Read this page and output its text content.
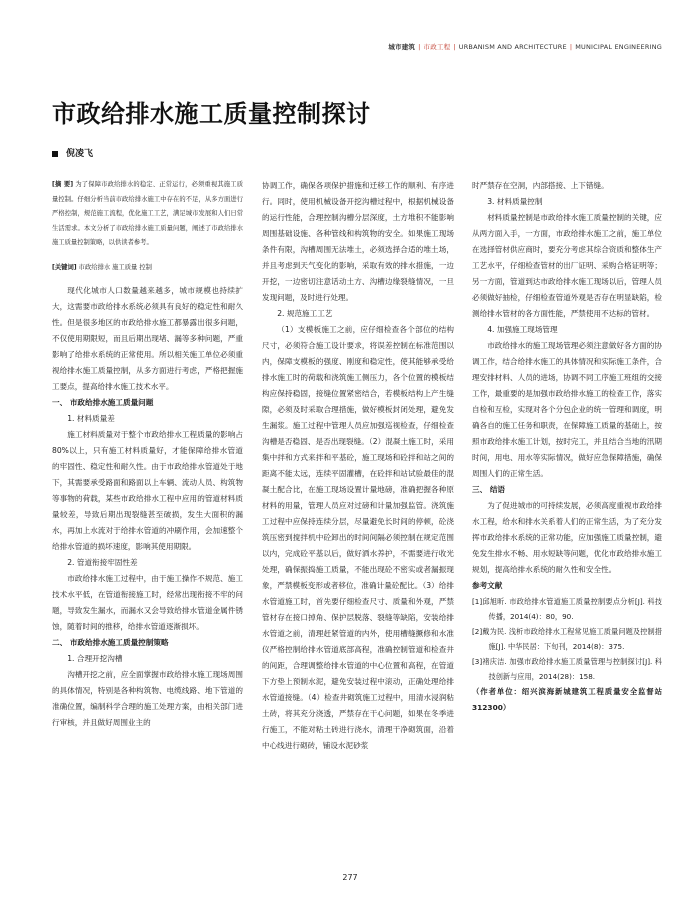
城市建筑 | 市政工程 | URBANISM AND ARCHITECTURE | MUNICIPAL ENGINEERING
市政给排水施工质量控制探讨
倪凌飞
[摘 要] 为了保障市政给排水的稳定、正常运行，必须重视其施工质量控制。仔细分析当前市政给排水施工中存在的不足，从多方面进行严格控制，规范施工流程，优化施工工艺，满足城市发展和人们日常生活需求。本文分析了市政给排水施工质量问题，阐述了市政给排水施工质量控制策略，以供读者参考。
[关键词] 市政给排水 施工质量 控制

现代化城市人口数量越来越多，城市规模也持续扩大，这需要市政给排水系统必须具有良好的稳定性和耐久性。但是很多地区的市政给排水施工都暴露出很多问题，不仅使用期限短，而且后期出现堵、漏等多种问题，严重影响了给排水系统的正常使用。所以相关施工单位必须重视给排水施工质量控制，从多方面进行考虑，严格把握施工要点，提高给排水施工技术水平。

一、 市政给排水施工质量问题
1. 材料质量差

施工材料质量对于整个市政给排水工程质量的影响占 80%以上，只有施工材料质量好，才能保障给排水管道的牢固性、稳定性和耐久性。由于市政给排水管道处于地下，其需要承受路面和路面以上车辆、流动人员、构筑物等事物的荷载，某些市政给排水工程中应用的管道材料质量较差，导致后期出现裂缝甚至破损，发生大面积的漏水，再加上水流对于给排水管道的冲刷作用，会加速整个给排水管道的损坏速度，影响其使用期限。

2. 管道衔接牢固性差

市政给排水施工过程中，由于施工操作不规范、施工技术水平低，在管道衔接施工时，经常出现衔接不牢的问题，导致发生漏水，而漏水又会导致给排水管道金属件锈蚀，随着时间的推移，给排水管道逐渐损坏。

二、 市政给排水施工质量控制策略
1. 合理开挖沟槽

沟槽开挖之前，应全面掌握市政给排水施工现场周围的具体情况，特别是各种构筑物、电缆线路、地下管道的准确位置，编制科学合理的施工处理方案，由相关部门进行审核，并且做好周围业主的

协调工作，确保各项保护措施和迁移工作的顺利、有序进行。同时，使用机械设备开挖沟槽过程中，根据机械设备的运行性能，合理控制沟槽分层深度，土方堆积不能影响周围基础设施、各种管线和构筑物的安全。如果施工现场条件有限，沟槽周围无法堆土，必须选择合适的堆土场，并且考虑到天气变化的影响，采取有效的排水措施，一边开挖，一边密切注意话动土方、沟槽边缘裂缝情况，一旦发现问题，及时进行处理。

2. 规范施工工艺

（1）支模板施工之前，应仔细检查各个部位的结构尺寸，必须符合施工设计要求，将误差控制在标准范围以内，保障支模板的强度、刚度和稳定性，使其能够承受给排水施工时的荷载和浇筑施工侧压力，各个位置的模板结构应保持稳固，接缝位置紧密结合，若模板结构上产生缝隙，必须及时采取合理措施，做好模板封闭处理，避免发生漏浆。施工过程中管理人员应加强巡视检查，仔细检查沟槽是否稳固、是否出现裂缝。（2）混凝土施工时，采用集中拌和方式来拌和平基砼，施工现场和砼拌和站之间的距离不能太远，连续平固灌槽，在砼拌和站试验最佳的混凝土配合比，在施工现场设置计量地磅，准确把握各种原材料的用量，管理人员应对过磅和计量加强监管。浇筑施工过程中应保持连续分层，尽量避免长时间的停顿，砼浇筑压密到搅拌机中砼卸出的时间间隔必须控制在规定范围以内，完成砼平基以后，做好洒水养护，不需要进行收光处理，确保振捣施工质量，不能出现砼不密实或者漏振现象，严禁模板变形或者移位，准确计量砼配比。（3）给排水管道施工时，首先要仔细检查尺寸、质量和外观，严禁管材存在接口掉角、保护层脱落、裂缝等缺陷，安装给排水管道之前，清理赶紧管道的内外，使用槽缝撅修和水准仪严格控制给排水管道底部高程，准确控制管道和检查井的间距，合理调整给排水管道的中心位置和高程，在管道下方垫上预制水泥，避免安装过程中滚动，正确处理给排水管道接缝。（4）检查井砌筑施工过程中，用清水浸润粘土砖，将其充分浇透，严禁存在干心问题，如果在冬季进行施工，不能对粘土砖进行浇水，清理干净砌筑面，沿着中心线进行砌砖，铺设水泥砂浆

时严禁存在空洞，内部搭接、上下错缝。

3. 材料质量控制

材料质量控制是市政给排水施工质量控制的关键，应从两方面入手，一方面，市政给排水施工之前，施工单位在选择管材供应商时，要充分考虑其综合资质和整体生产工艺水平，仔细检查管材的出厂证明、采购合格证明等；另一方面，管道到达市政给排水施工现场以后，管理人员必须做好抽检，仔细检查管道外观是否存在明显缺陷，检测给排水管材的各方面性能，严禁使用不达标的管材。

4. 加强施工现场管理

市政给排水的施工现场管理必须注意做好各方面的协调工作，结合给排水施工的具体情况和实际施工条件，合理安排材料、人员的进场，协调不同工序施工班组的交接工作，最重要的是加强市政给排水施工的检查工作，落实自检和互检，实现对各个分包企业的统一管理和调度，明确各自的施工任务和职责，在保障施工质量的基础上，按照市政给排水施工计划，按时完工，并且结合当地的汛期时间，用电、用水等实际情况，做好应急保障措施，确保周围人们的正常生活。

三、 结语

为了促进城市的可持续发展，必须高度重视市政给排水工程，给水和排水关系着人们的正常生活，为了充分发挥市政给排水系统的正常功能，应加强施工质量控制，避免发生排水不畅、用水短缺等问题，优化市政给排水施工规划，提高给排水系统的耐久性和安全性。

参考文献
[1]邱旭昕. 市政给排水管道施工质量控制要点分析[J]. 科技传播，2014(4)：80，90.
[2]戴为民. 浅析市政给排水工程常见施工质量问题及控制措施[J]. 中华民居：下旬刊，2014(8)：375.
[3]褚庆洁. 加强市政给排水施工质量管理与控制探讨[J]. 科技创新与应用，2014(28)：158.
（作者单位：绍兴滨海新城建筑工程质量安全监督站 312300）
277
